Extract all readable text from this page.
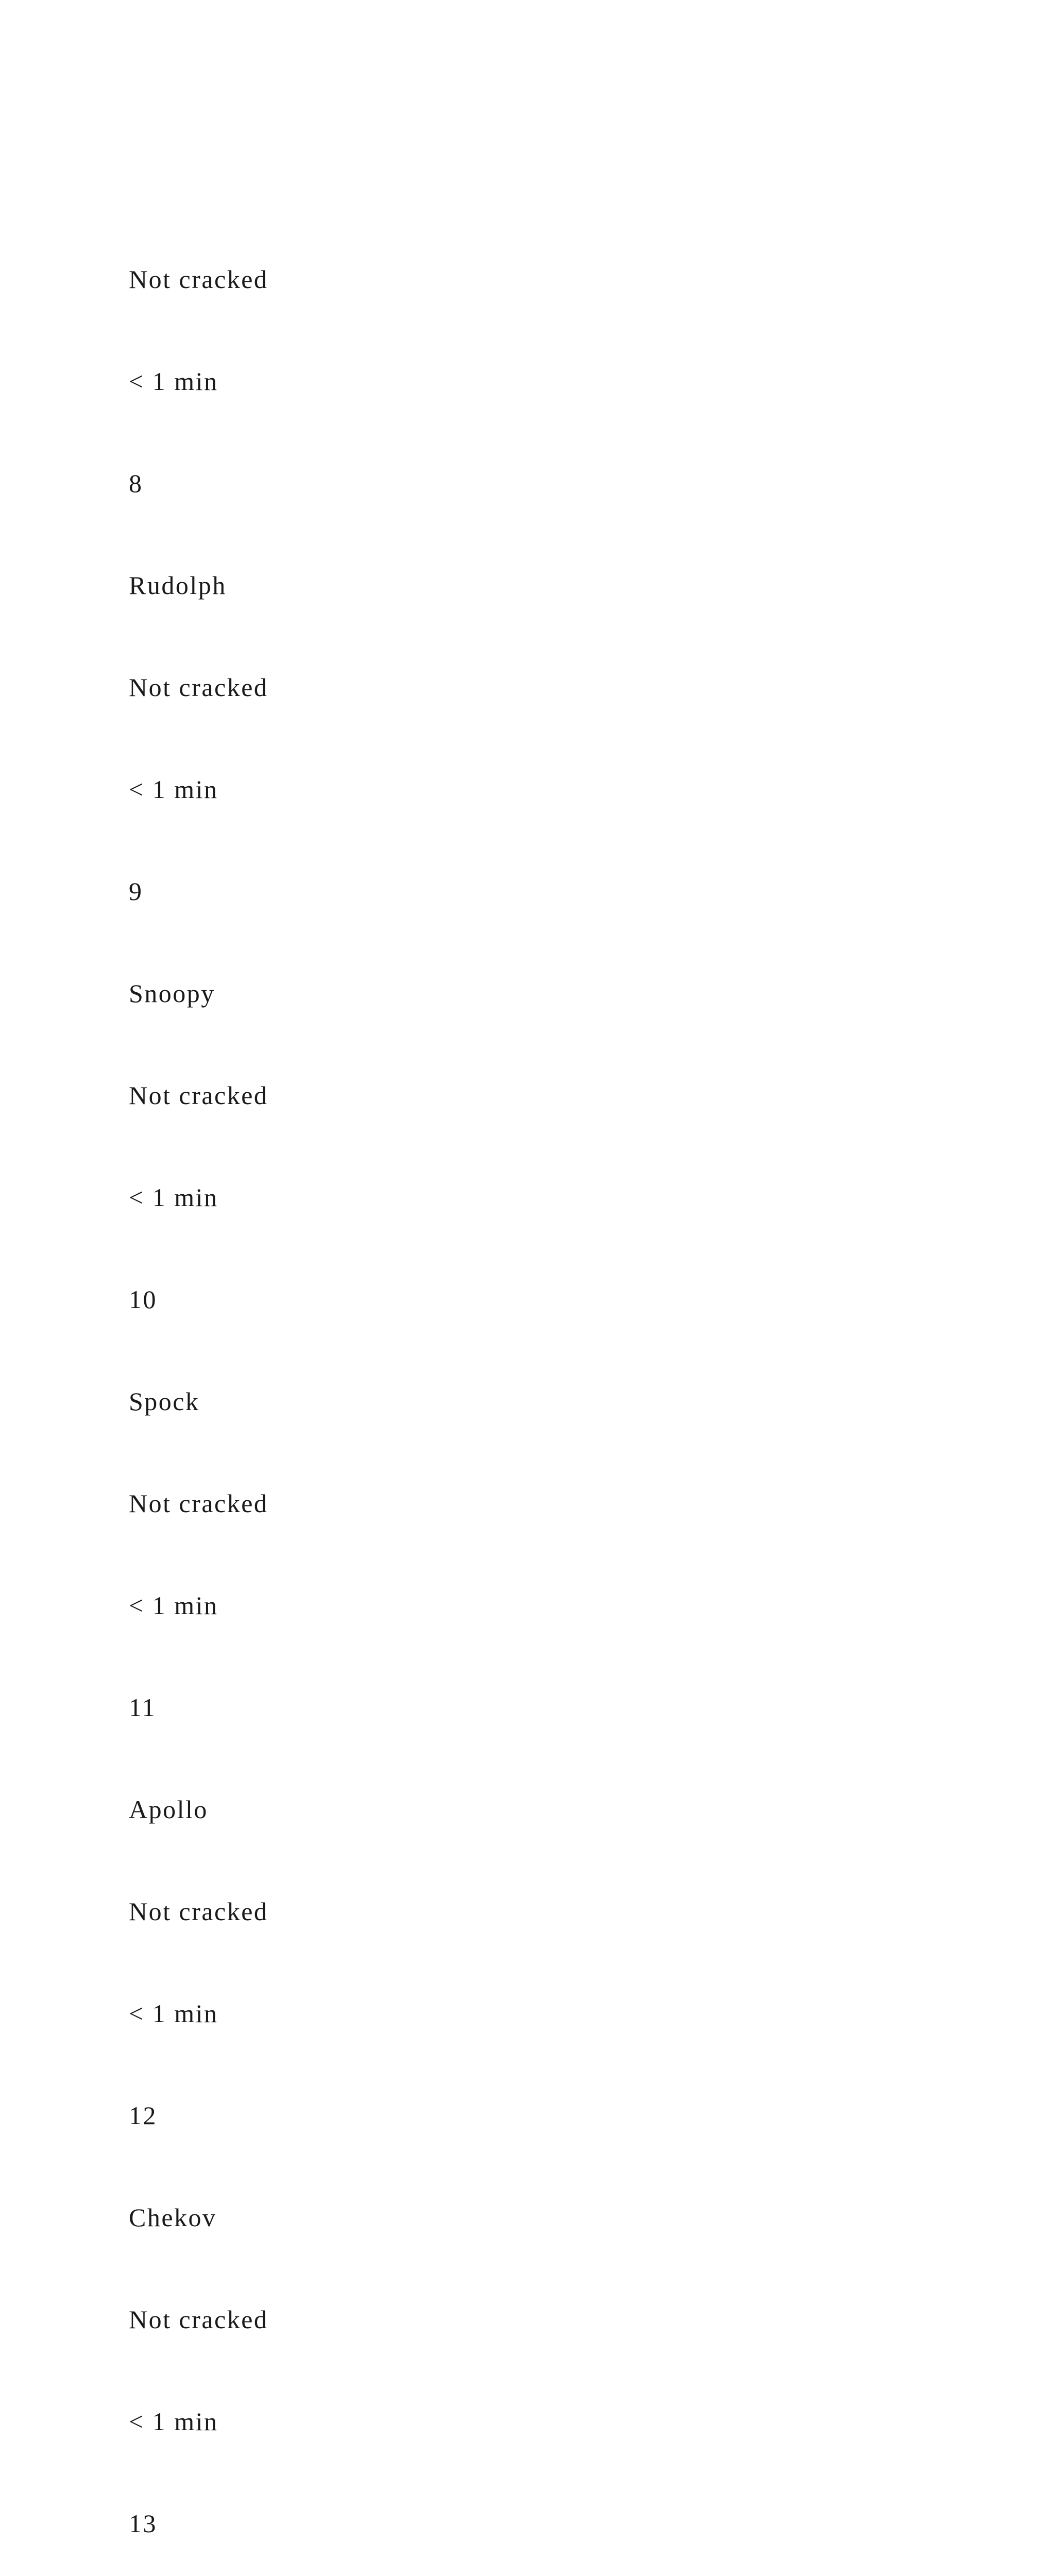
Not cracked

< 1 min

8

Rudolph

Not cracked

< 1 min

9

Snoopy

Not cracked

< 1 min

10

Spock

Not cracked

< 1 min

11

Apollo

Not cracked

< 1 min

12

Chekov

Not cracked

< 1 min

13
